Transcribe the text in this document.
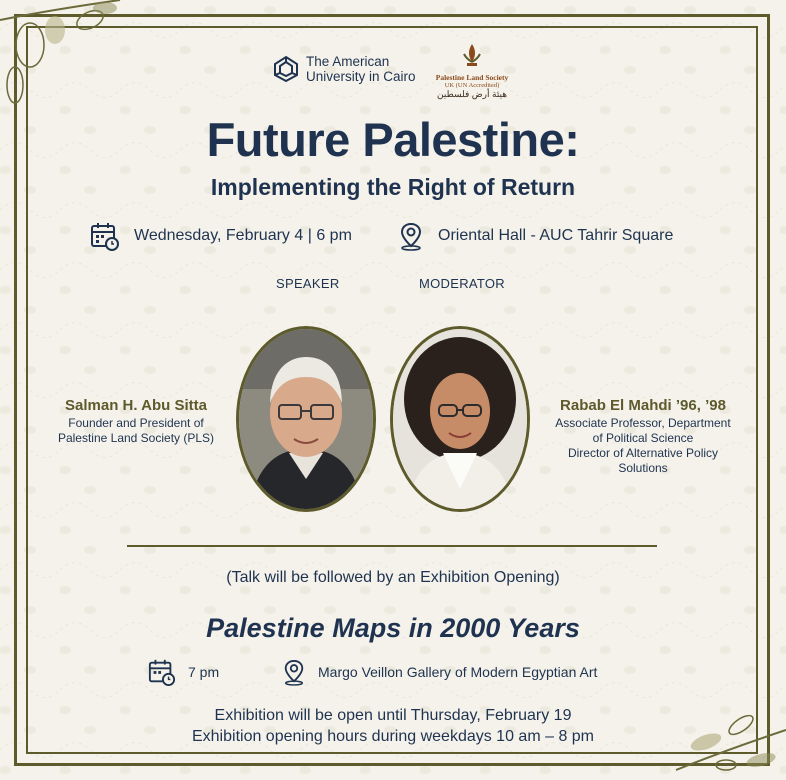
The American
University in Cairo	Palestine Land Society
UK (UN Accredited)
هيئة أرض فلسطين
Future Palestine:
Implementing the Right of Return
Wednesday, February 4 | 6 pm	Oriental Hall - AUC Tahrir Square
SPEAKER	MODERATOR
Salman H. Abu Sitta
Founder and President of
Palestine Land Society (PLS)
Rabab El Mahdi ’96, ’98
Associate Professor, Department
of Political Science
Director of Alternative Policy
Solutions
(Talk will be followed by an Exhibition Opening)
Palestine Maps in 2000 Years
7 pm	Margo Veillon Gallery of Modern Egyptian Art
Exhibition will be open until Thursday, February 19
Exhibition opening hours during weekdays 10 am – 8 pm
